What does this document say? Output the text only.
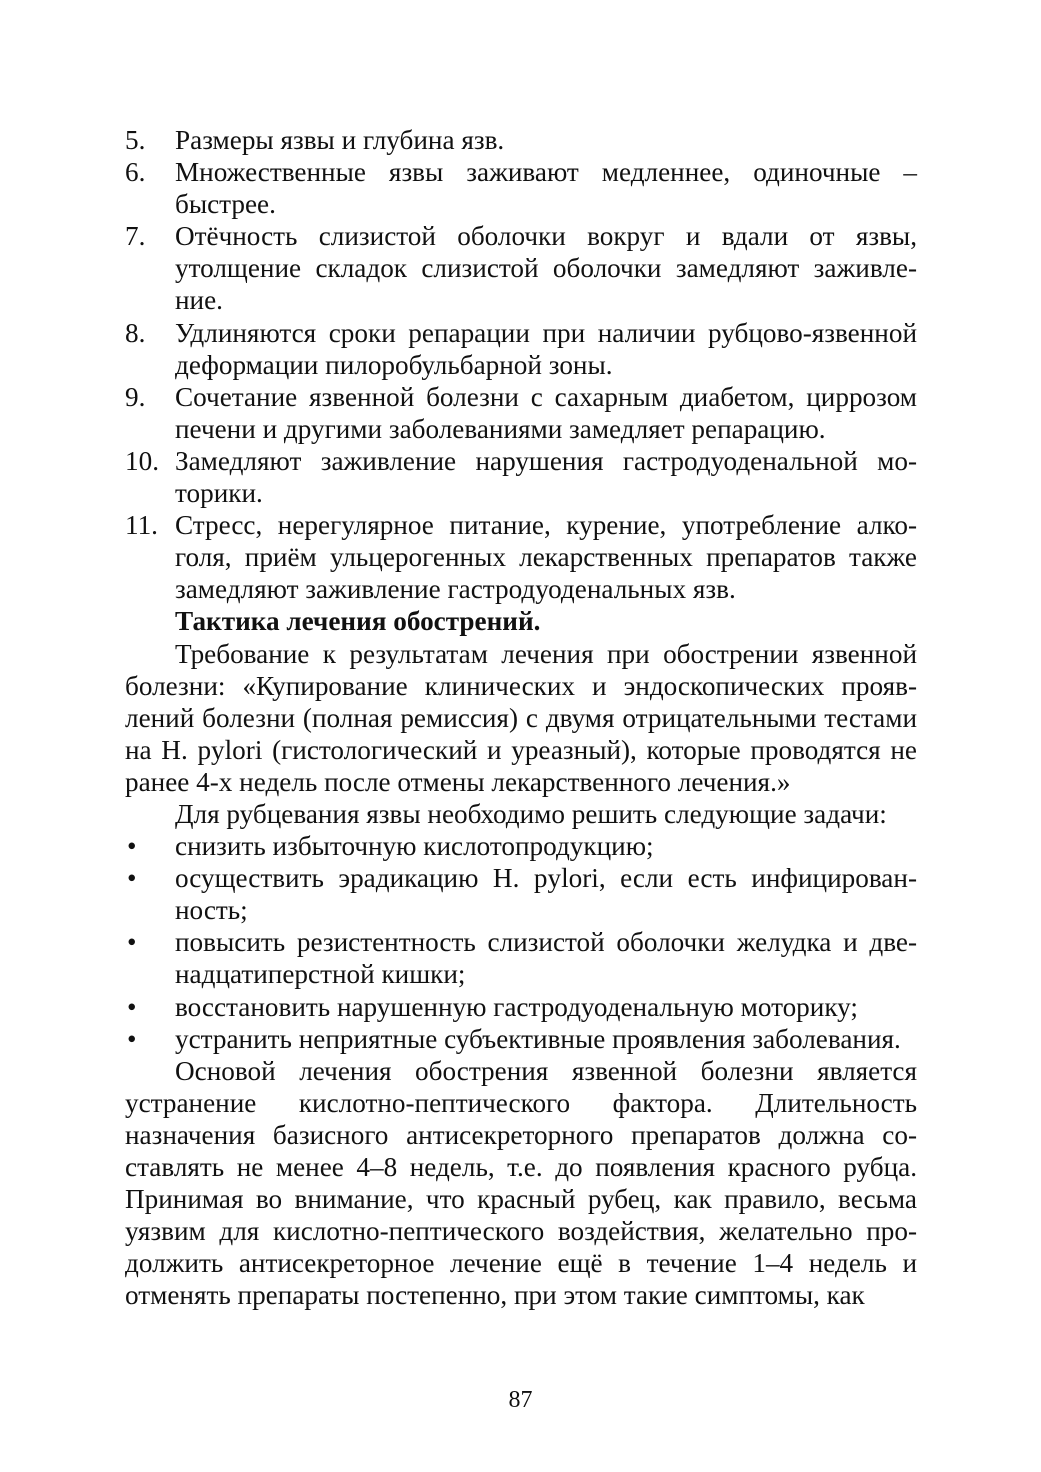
5. Размеры язвы и глубина язв.
6. Множественные язвы заживают медленнее, одиночные – быстрее.
7. Отёчность слизистой оболочки вокруг и вдали от язвы, утолщение складок слизистой оболочки замедляют заживление.
8. Удлиняются сроки репарации при наличии рубцово-язвенной деформации пилоробульбарной зоны.
9. Сочетание язвенной болезни с сахарным диабетом, циррозом печени и другими заболеваниями замедляет репарацию.
10. Замедляют заживление нарушения гастродуоденальной моторики.
11. Стресс, нерегулярное питание, курение, употребление алкоголя, приём ульцерогенных лекарственных препаратов также замедляют заживление гастродуоденальных язв.
Тактика лечения обострений.
Требование к результатам лечения при обострении язвенной болезни: «Купирование клинических и эндоскопических проявлений болезни (полная ремиссия) с двумя отрицательными тестами на H. pylori (гистологический и уреазный), которые проводятся не ранее 4-х недель после отмены лекарственного лечения.»
Для рубцевания язвы необходимо решить следующие задачи:
• снизить избыточную кислотопродукцию;
• осуществить эрадикацию H. pylori, если есть инфицированность;
• повысить резистентность слизистой оболочки желудка и двенадцатиперстной кишки;
• восстановить нарушенную гастродуоденальную моторику;
• устранить неприятные субъективные проявления заболевания.
Основой лечения обострения язвенной болезни является устранение кислотно-пептического фактора. Длительность назначения базисного антисекреторного препаратов должна составлять не менее 4–8 недель, т.е. до появления красного рубца. Принимая во внимание, что красный рубец, как правило, весьма уязвим для кислотно-пептического воздействия, желательно продолжить антисекреторное лечение ещё в течение 1–4 недель и отменять препараты постепенно, при этом такие симптомы, как
87
